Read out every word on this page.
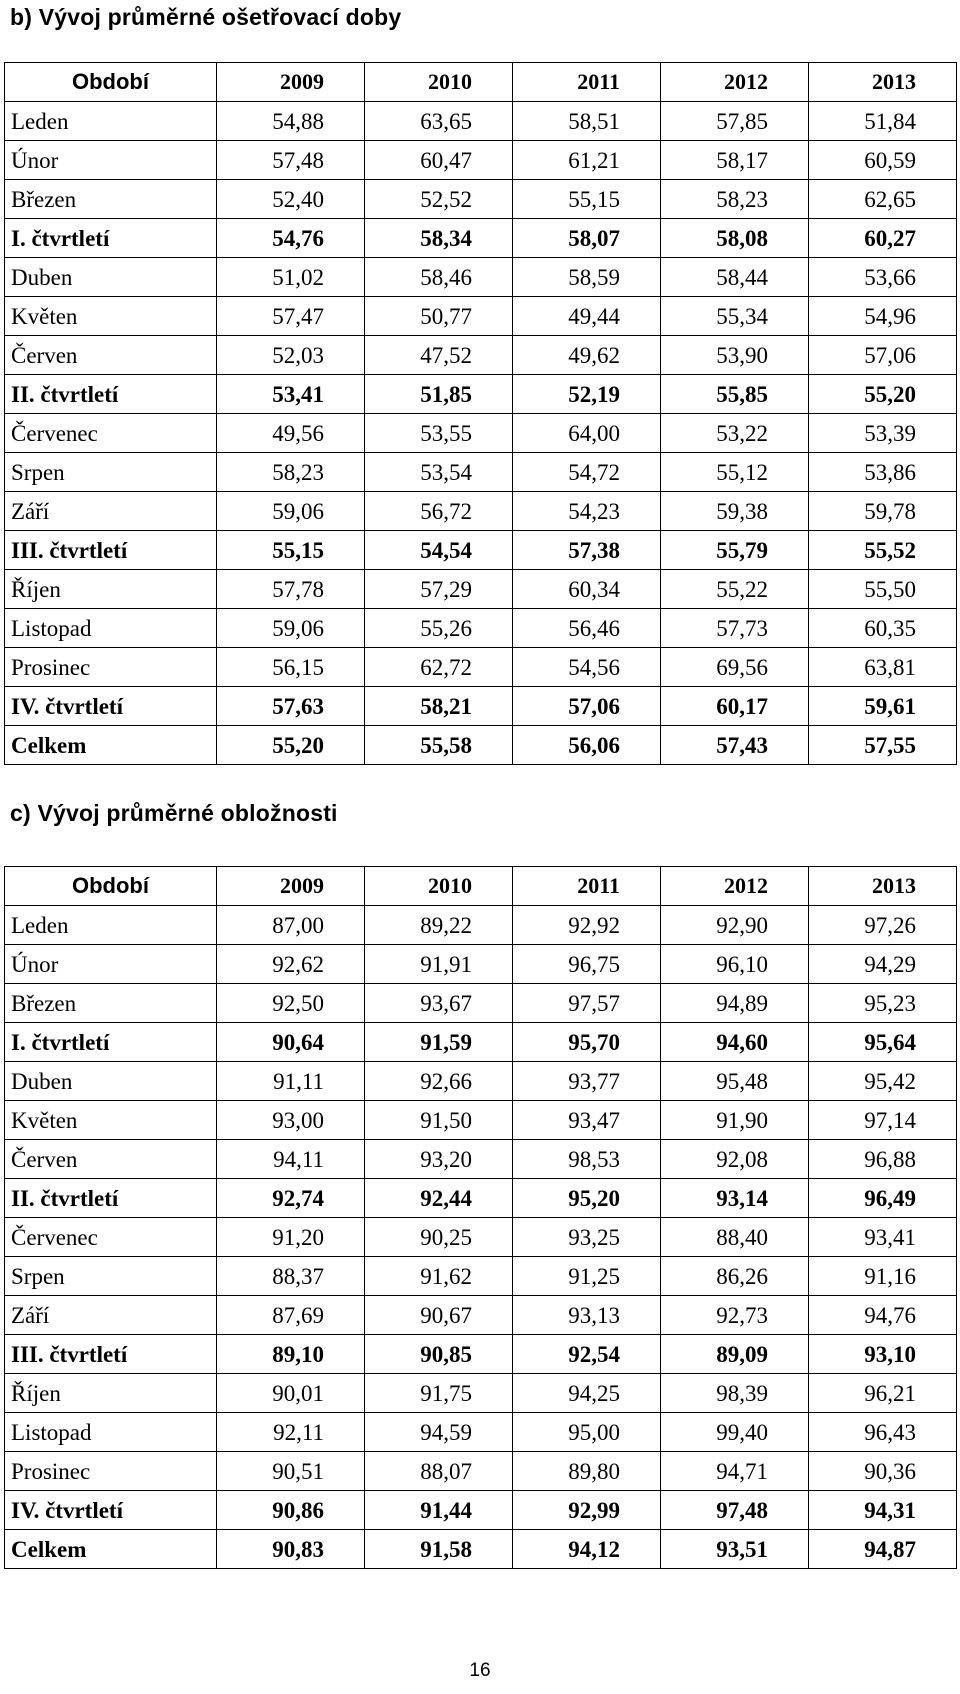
b) Vývoj průměrné ošetřovací doby
Období	2009	2010	2011	2012	2013
Leden	54,88	63,65	58,51	57,85	51,84
Únor	57,48	60,47	61,21	58,17	60,59
Březen	52,40	52,52	55,15	58,23	62,65
I. čtvrtletí	54,76	58,34	58,07	58,08	60,27
Duben	51,02	58,46	58,59	58,44	53,66
Květen	57,47	50,77	49,44	55,34	54,96
Červen	52,03	47,52	49,62	53,90	57,06
II. čtvrtletí	53,41	51,85	52,19	55,85	55,20
Červenec	49,56	53,55	64,00	53,22	53,39
Srpen	58,23	53,54	54,72	55,12	53,86
Září	59,06	56,72	54,23	59,38	59,78
III. čtvrtletí	55,15	54,54	57,38	55,79	55,52
Říjen	57,78	57,29	60,34	55,22	55,50
Listopad	59,06	55,26	56,46	57,73	60,35
Prosinec	56,15	62,72	54,56	69,56	63,81
IV. čtvrtletí	57,63	58,21	57,06	60,17	59,61
Celkem	55,20	55,58	56,06	57,43	57,55
c) Vývoj průměrné obložnosti
Období	2009	2010	2011	2012	2013
Leden	87,00	89,22	92,92	92,90	97,26
Únor	92,62	91,91	96,75	96,10	94,29
Březen	92,50	93,67	97,57	94,89	95,23
I. čtvrtletí	90,64	91,59	95,70	94,60	95,64
Duben	91,11	92,66	93,77	95,48	95,42
Květen	93,00	91,50	93,47	91,90	97,14
Červen	94,11	93,20	98,53	92,08	96,88
II. čtvrtletí	92,74	92,44	95,20	93,14	96,49
Červenec	91,20	90,25	93,25	88,40	93,41
Srpen	88,37	91,62	91,25	86,26	91,16
Září	87,69	90,67	93,13	92,73	94,76
III. čtvrtletí	89,10	90,85	92,54	89,09	93,10
Říjen	90,01	91,75	94,25	98,39	96,21
Listopad	92,11	94,59	95,00	99,40	96,43
Prosinec	90,51	88,07	89,80	94,71	90,36
IV. čtvrtletí	90,86	91,44	92,99	97,48	94,31
Celkem	90,83	91,58	94,12	93,51	94,87
16
